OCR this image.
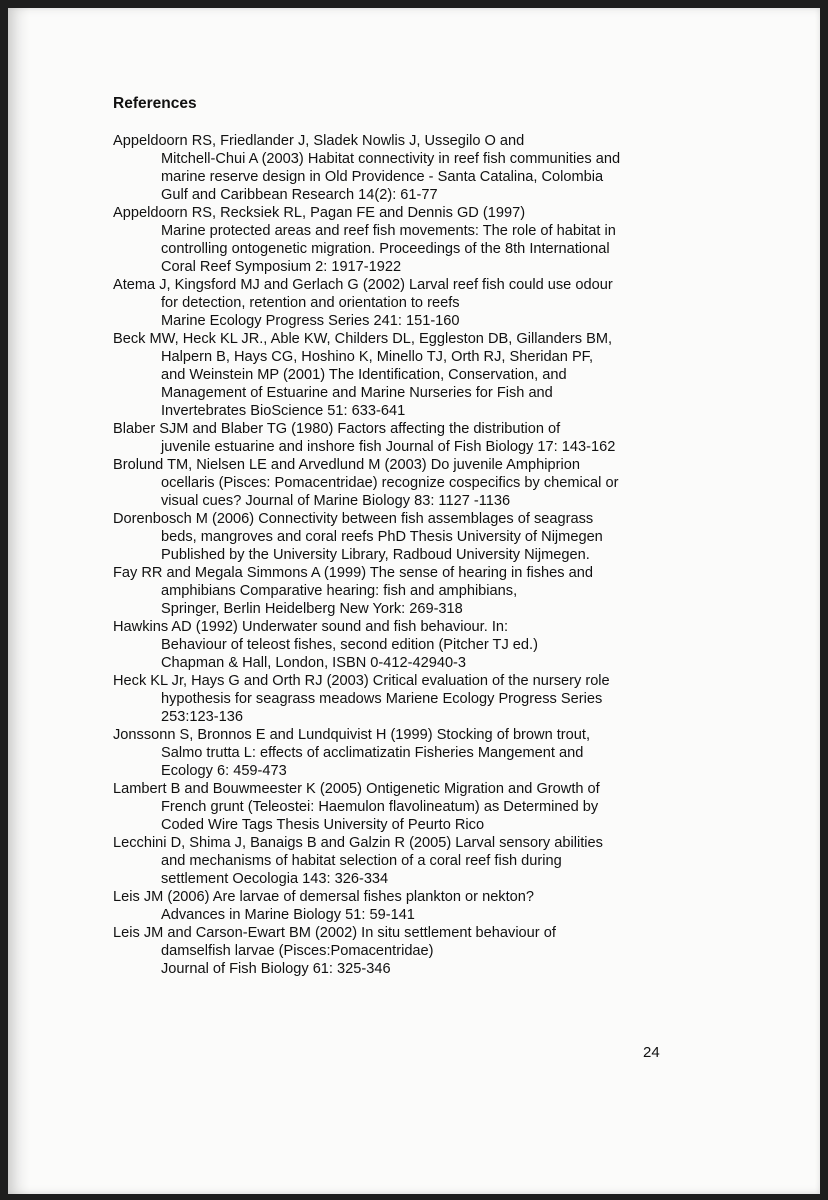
References
Appeldoorn RS, Friedlander J, Sladek Nowlis J, Ussegilo O and
Mitchell-Chui A (2003) Habitat connectivity in reef fish communities and
marine reserve design in Old Providence - Santa Catalina, Colombia
Gulf and Caribbean Research 14(2): 61-77
Appeldoorn RS, Recksiek RL, Pagan FE and Dennis GD (1997)
Marine protected areas and reef fish movements: The role of habitat in
controlling ontogenetic migration. Proceedings of the 8th International
Coral Reef Symposium 2: 1917-1922
Atema J, Kingsford MJ and Gerlach G (2002) Larval reef fish could use odour
for detection, retention and orientation to reefs
Marine Ecology Progress Series 241: 151-160
Beck MW, Heck KL JR., Able KW, Childers DL, Eggleston DB, Gillanders BM,
Halpern B, Hays CG, Hoshino K, Minello TJ, Orth RJ, Sheridan PF,
and Weinstein MP (2001) The Identification, Conservation, and
Management of Estuarine and Marine Nurseries for Fish and
Invertebrates BioScience 51: 633-641
Blaber SJM and Blaber TG (1980) Factors affecting the distribution of
juvenile estuarine and inshore fish Journal of Fish Biology 17: 143-162
Brolund TM, Nielsen LE and Arvedlund M (2003) Do juvenile Amphiprion
ocellaris (Pisces: Pomacentridae) recognize cospecifics by chemical or
visual cues? Journal of Marine Biology 83: 1127 -1136
Dorenbosch M (2006) Connectivity between fish assemblages of seagrass
beds, mangroves and coral reefs PhD Thesis University of Nijmegen
Published by the University Library, Radboud University Nijmegen.
Fay RR and Megala Simmons A (1999) The sense of hearing in fishes and
amphibians Comparative hearing: fish and amphibians,
Springer, Berlin Heidelberg New York: 269-318
Hawkins AD (1992) Underwater sound and fish behaviour. In:
Behaviour of teleost fishes, second edition (Pitcher TJ ed.)
Chapman & Hall, London, ISBN 0-412-42940-3
Heck KL Jr, Hays G and Orth RJ (2003) Critical evaluation of the nursery role
hypothesis for seagrass meadows Mariene Ecology Progress Series
253:123-136
Jonssonn S, Bronnos E and Lundquivist H (1999) Stocking of brown trout,
Salmo trutta L: effects of acclimatizatin Fisheries Mangement and
Ecology 6: 459-473
Lambert B and Bouwmeester K (2005) Ontigenetic Migration and Growth of
French grunt (Teleostei: Haemulon flavolineatum) as Determined by
Coded Wire Tags Thesis University of Peurto Rico
Lecchini D, Shima J, Banaigs B and Galzin R (2005) Larval sensory abilities
and mechanisms of habitat selection of a coral reef fish during
settlement Oecologia 143: 326-334
Leis JM (2006) Are larvae of demersal fishes plankton or nekton?
Advances in Marine Biology 51: 59-141
Leis JM and Carson-Ewart BM (2002) In situ settlement behaviour of
damselfish larvae (Pisces:Pomacentridae)
Journal of Fish Biology 61: 325-346
24
